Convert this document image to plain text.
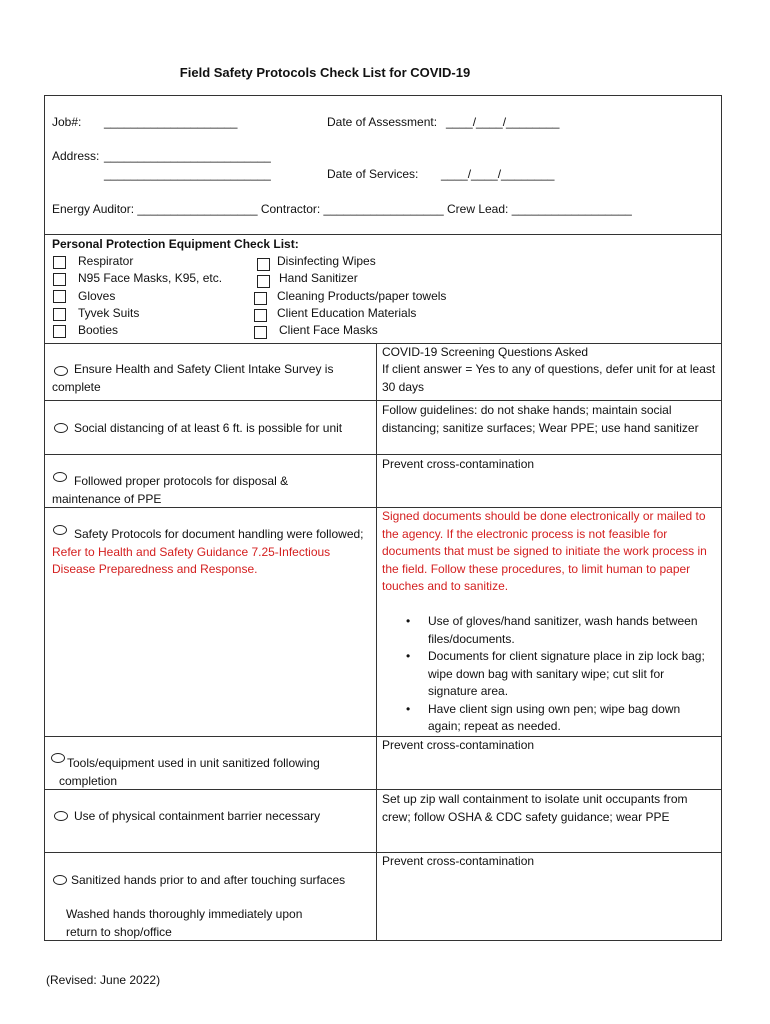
Field Safety Protocols Check List for COVID-19
Job#: ____________________	Date of Assessment: ____/____/________
Address: _________________________
_________________________	Date of Services: ____/____/________
Energy Auditor: __________________ Contractor: __________________ Crew Lead: __________________
Personal Protection Equipment Check List:
Respirator
N95 Face Masks, K95, etc.
Gloves
Tyvek Suits
Booties
Disinfecting Wipes
Hand Sanitizer
Cleaning Products/paper towels
Client Education Materials
Client Face Masks
Ensure Health and Safety Client Intake Survey is complete
COVID-19 Screening Questions Asked
If client answer = Yes to any of questions, defer unit for at least 30 days
Social distancing of at least 6 ft. is possible for unit
Follow guidelines: do not shake hands; maintain social distancing; sanitize surfaces; Wear PPE; use hand sanitizer
Followed proper protocols for disposal & maintenance of PPE
Prevent cross-contamination
Safety Protocols for document handling were followed; Refer to Health and Safety Guidance 7.25-Infectious Disease Preparedness and Response.
Signed documents should be done electronically or mailed to the agency. If the electronic process is not feasible for documents that must be signed to initiate the work process in the field. Follow these procedures, to limit human to paper touches and to sanitize.
• Use of gloves/hand sanitizer, wash hands between files/documents.
• Documents for client signature place in zip lock bag; wipe down bag with sanitary wipe; cut slit for signature area.
• Have client sign using own pen; wipe bag down again; repeat as needed.
Tools/equipment used in unit sanitized following completion
Prevent cross-contamination
Use of physical containment barrier necessary
Set up zip wall containment to isolate unit occupants from crew; follow OSHA & CDC safety guidance; wear PPE
Sanitized hands prior to and after touching surfaces
Washed hands thoroughly immediately upon return to shop/office
Prevent cross-contamination
(Revised: June 2022)
